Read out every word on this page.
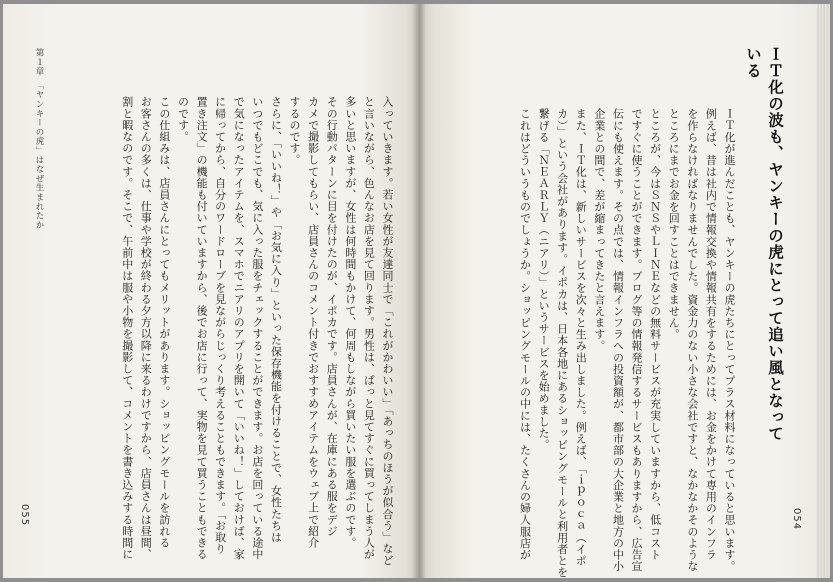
第１章　「ヤンキーの虎」はなぜ生まれたか	入っていきます。若い女性が友達同士で「これがかわいい」「あっちのほうが似合う」など
と言いながら、色んなお店を見て回ります。男性は、ぱっと見てすぐに買ってしまう人が
多いと思いますが、女性は何時間もかけて、何周もしながら買いたい服を選ぶのです。
その行動パターンに目を付けたのが、イポカです。店員さんが、在庫にある服をデジ
カメで撮影してもらい、店員さんのコメント付きでおすすめアイテムをウェブ上で紹介
するのです。
さらに、「いいね！」や「お気に入り」といった保存機能を付けることで、女性たちは
いつでもどこでも、気に入った服をチェックすることができます。お店を回っている途中
で気になったアイテムを、スマホでニアリのアプリを開いて「いいね！」しておけば、家
に帰ってから、自分のワードローブを見ながらじっくり考えることもできます。「お取り
置き注文」の機能も付いていますから、後でお店に行って、実物を見て買うこともできる
のです。
この仕組みは、店員さんにとってもメリットがあります。ショッピングモールを訪れる
お客さんの多くは、仕事や学校が終わる夕方以降に来るわけですから、店員さんは昼間、
割と暇なのです。そこで、午前中は服や小物を撮影して、コメントを書き込みする時間に
055
ＩＴ化の波も、ヤンキーの虎にとって追い風となっている
ＩＴ化が進んだことも、ヤンキーの虎たちにとってプラス材料になっていると思います。
例えば、昔は社内で情報交換や情報共有をするためには、お金をかけて専用のインフラ
を作らなければなりませんでした。資金力のない小さな会社ですと、なかなかそのような
ところにまでお金を回すことはできません。
ところが、今はＳＮＳやＬＩＮＥなどの無料サービスが充実していますから、低コスト
ですぐに使うことができます。ブログ等の情報発信するサービスもありますから、広告宣
伝にも使えます。その点では、情報インフラへの投資額が、都市部の大企業と地方の中小
企業との間で、差が縮まってきたと言えます。
また、ＩＴ化は、新しいサービスを次々と生み出しました。例えば、「ｉｐｏｃａ（イポ
カ）」という会社があります。イポカは、日本各地にあるショッピングモールと利用者とを
繋げる「ＮＥＡＲＬＹ（ニアリ）」というサービスを始めました。
これはどういうものでしょうか。ショッピングモールの中には、たくさんの婦人服店が	054
